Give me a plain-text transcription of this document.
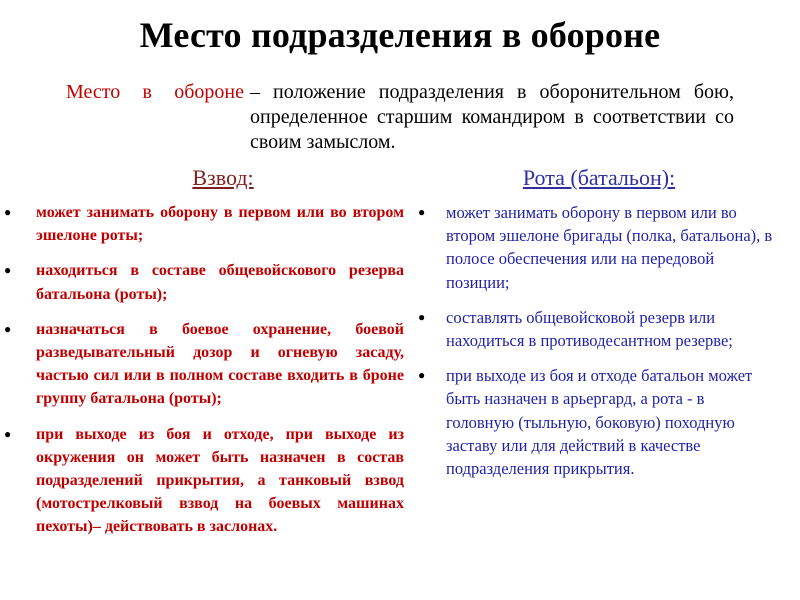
Место подразделения в обороне
Место в обороне – положение подразделения в оборонительном бою, определенное старшим командиром в соответствии со своим замыслом.
Взвод:	Рота (батальон):
● может занимать оборону в первом или во втором эшелоне роты;
● находиться в составе общевойскового резерва батальона (роты);
● назначаться в боевое охранение, боевой разведывательный дозор и огневую засаду, частью сил или в полном составе входить в броне группу батальона (роты);
● при выходе из боя и отходе, при выходе из окружения он может быть назначен в состав подразделений прикрытия, а танковый взвод (мотострелковый взвод на боевых машинах пехоты)– действовать в заслонах.
● может занимать оборону в первом или во втором эшелоне бригады (полка, батальона), в полосе обеспечения или на передовой позиции;
● составлять общевойсковой резерв или находиться в противодесантном резерве;
● при выходе из боя и отходе батальон может быть назначен в арьергард, а рота - в головную (тыльную, боковую) походную заставу или для действий в качестве подразделения прикрытия.
